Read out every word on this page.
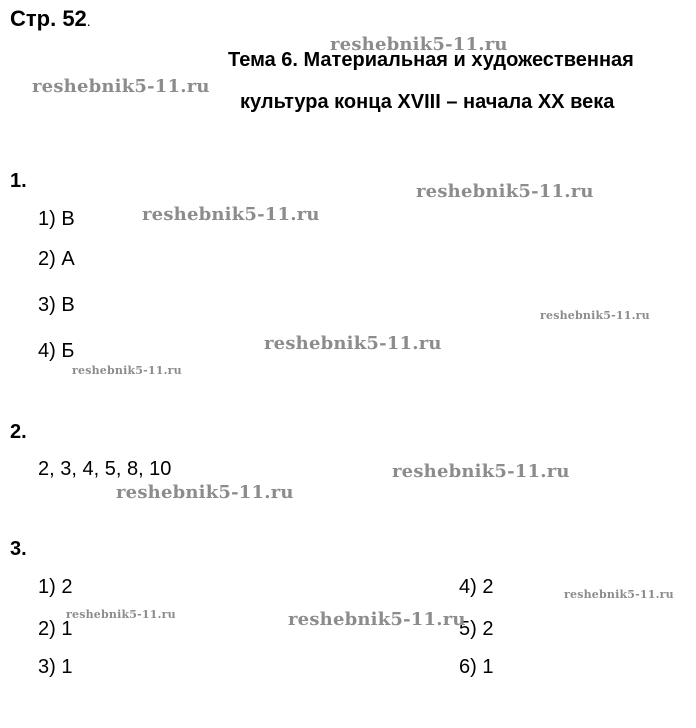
Стр. 52.
Тема 6. Материальная и художественная
культура конца XVIII – начала XX века
1.
1) В
2) А
3) В
4) Б
2.
2, 3, 4, 5, 8, 10
3.
1) 2
2) 1
3) 1
4) 2
5) 2
6) 1
reshebnik5-11.ru
reshebnik5-11.ru
reshebnik5-11.ru
reshebnik5-11.ru
reshebnik5-11.ru
reshebnik5-11.ru
reshebnik5-11.ru
reshebnik5-11.ru
reshebnik5-11.ru
reshebnik5-11.ru
reshebnik5-11.ru	reshebnik5-11.ru
